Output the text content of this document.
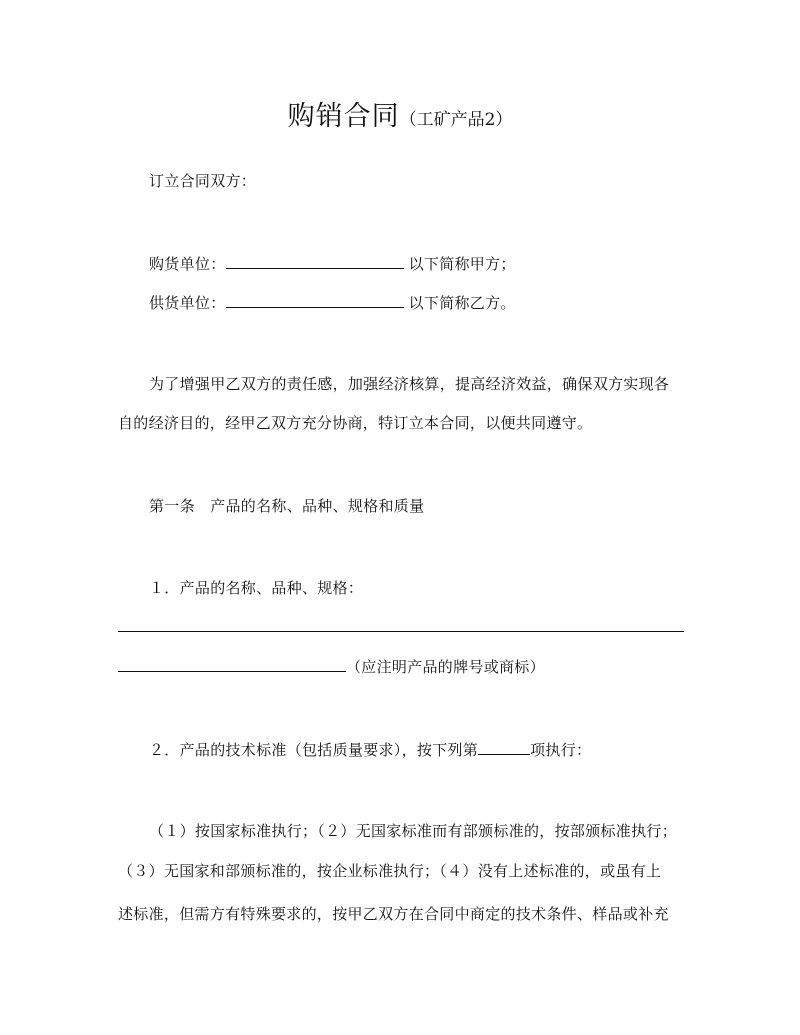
购销合同（工矿产品2）
订立合同双方：
购货单位：	以下简称甲方；
供货单位：	以下简称乙方。
为了增强甲乙双方的责任感，加强经济核算，提高经济效益，确保双方实现各
自的经济目的，经甲乙双方充分协商，特订立本合同，以便共同遵守。
第一条　产品的名称、品种、规格和质量
１．产品的名称、品种、规格：
（应注明产品的牌号或商标）
２．产品的技术标准（包括质量要求），按下列第	项执行：
（１）按国家标准执行；（２）无国家标准而有部颁标准的，按部颁标准执行；
（３）无国家和部颁标准的，按企业标准执行；（４）没有上述标准的，或虽有上
述标准，但需方有特殊要求的，按甲乙双方在合同中商定的技术条件、样品或补充
